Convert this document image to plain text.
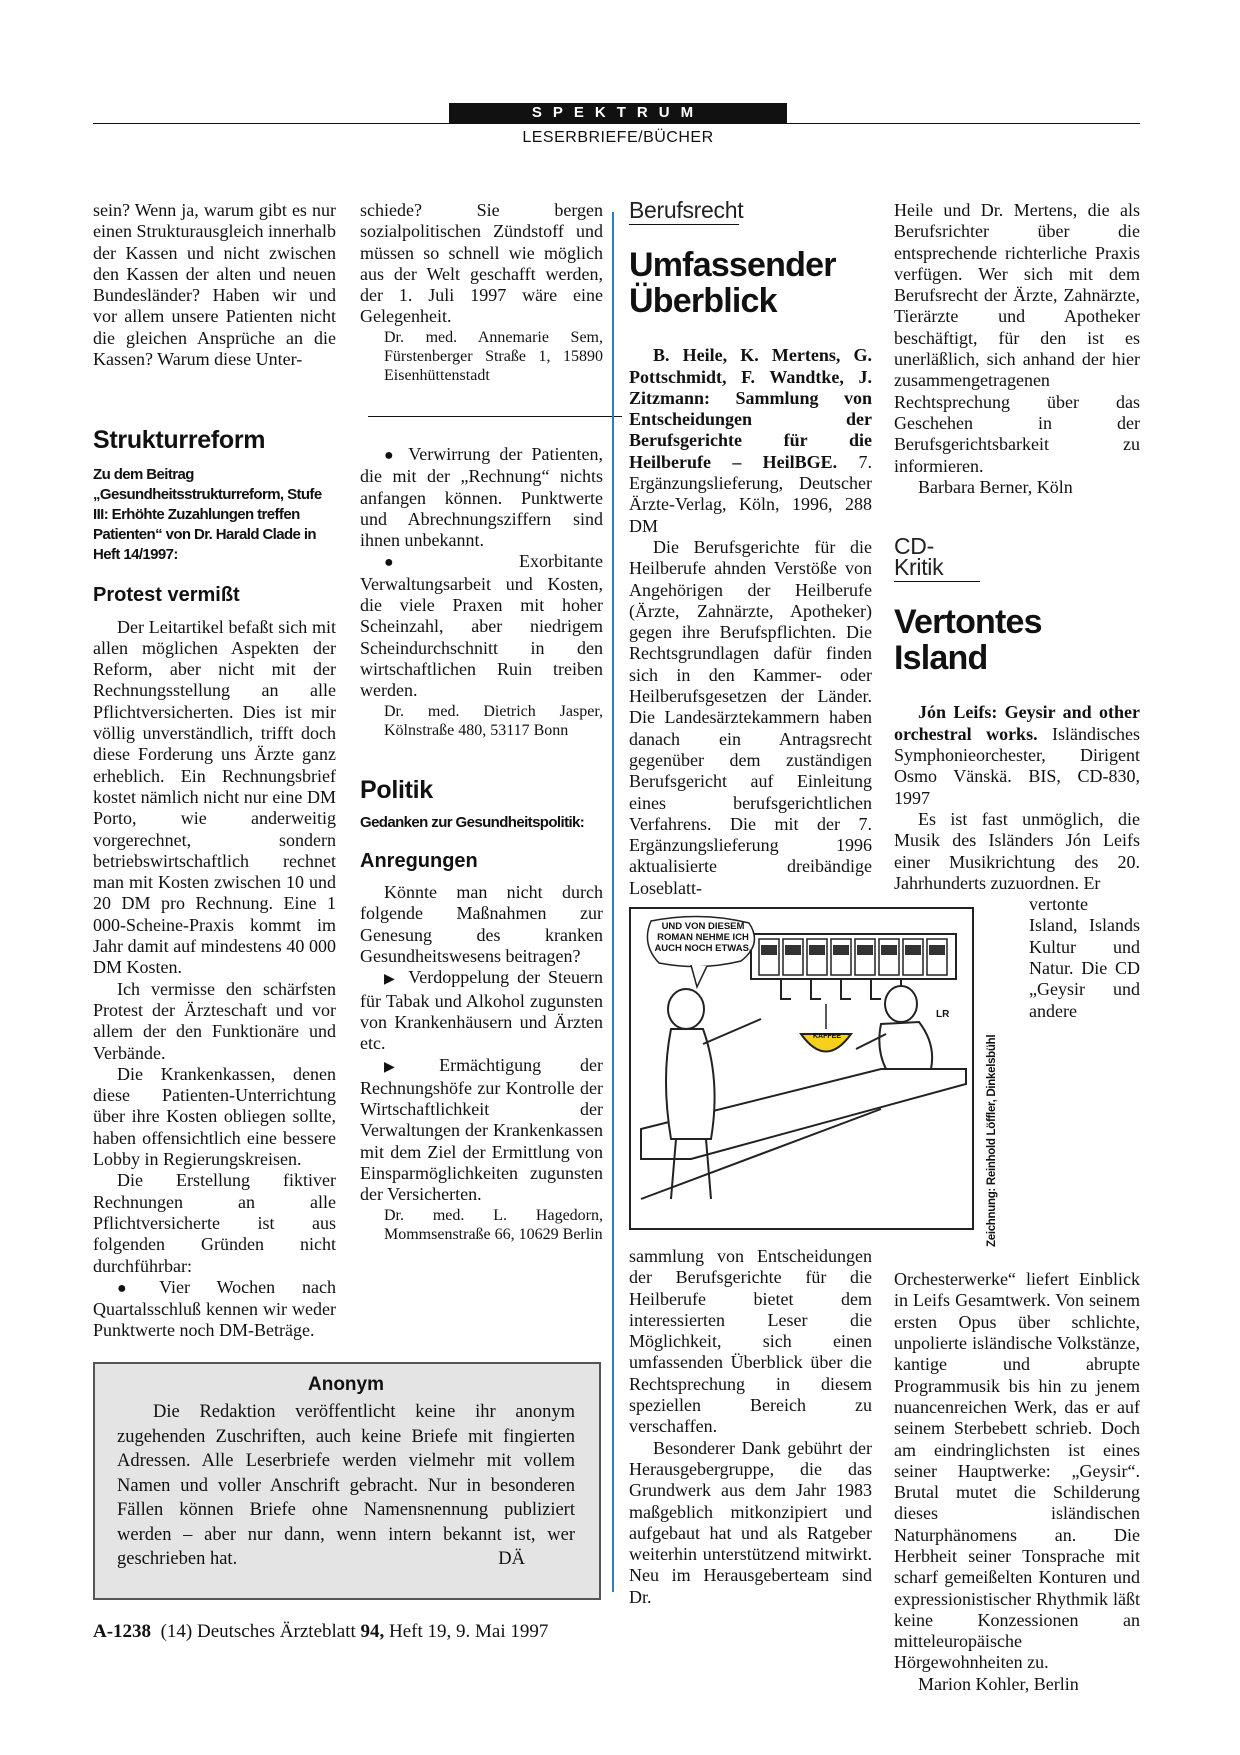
SPEKTRUM
LESERBRIEFE/BÜCHER

sein? Wenn ja, warum gibt es nur einen Strukturausgleich innerhalb der Kassen und nicht zwischen den Kassen der alten und neuen Bundesländer? Haben wir und vor allem unsere Patienten nicht die gleichen Ansprüche an die Kassen? Warum diese Unter-

schiede? Sie bergen sozialpolitischen Zündstoff und müssen so schnell wie möglich aus der Welt geschafft werden, der 1. Juli 1997 wäre eine Gelegenheit.

Dr. med. Annemarie Sem, Fürstenberger Straße 1, 15890 Eisenhüttenstadt

Strukturreform
Zu dem Beitrag „Gesundheitsstrukturreform, Stufe III: Erhöhte Zuzahlungen treffen Patienten“ von Dr. Harald Clade in Heft 14/1997:
Protest vermißt

Der Leitartikel befaßt sich mit allen möglichen Aspekten der Reform, aber nicht mit der Rechnungsstellung an alle Pflichtversicherten. Dies ist mir völlig unverständlich, trifft doch diese Forderung uns Ärzte ganz erheblich. Ein Rechnungsbrief kostet nämlich nicht nur eine DM Porto, wie anderweitig vorgerechnet, sondern betriebswirtschaftlich rechnet man mit Kosten zwischen 10 und 20 DM pro Rechnung. Eine 1 000-Scheine-Praxis kommt im Jahr damit auf mindestens 40 000 DM Kosten.

Ich vermisse den schärfsten Protest der Ärzteschaft und vor allem der den Funktionäre und Verbände.

Die Krankenkassen, denen diese Patienten-Unterrichtung über ihre Kosten obliegen sollte, haben offensichtlich eine bessere Lobby in Regierungskreisen.

Die Erstellung fiktiver Rechnungen an alle Pflichtversicherte ist aus folgenden Gründen nicht durchführbar:

● Vier Wochen nach Quartalsschluß kennen wir weder Punktwerte noch DM-Beträge.

● Verwirrung der Patienten, die mit der „Rechnung“ nichts anfangen können. Punktwerte und Abrechnungsziffern sind ihnen unbekannt.

● Exorbitante Verwaltungsarbeit und Kosten, die viele Praxen mit hoher Scheinzahl, aber niedrigem Scheindurchschnitt in den wirtschaftlichen Ruin treiben werden.

Dr. med. Dietrich Jasper, Kölnstraße 480, 53117 Bonn

Politik
Gedanken zur Gesundheitspolitik:
Anregungen

Könnte man nicht durch folgende Maßnahmen zur Genesung des kranken Gesundheitswesens beitragen?

▶ Verdoppelung der Steuern für Tabak und Alkohol zugunsten von Krankenhäusern und Ärzten etc.

▶ Ermächtigung der Rechnungshöfe zur Kontrolle der Wirtschaftlichkeit der Verwaltungen der Krankenkassen mit dem Ziel der Ermittlung von Einsparmöglichkeiten zugunsten der Versicherten.

Dr. med. L. Hagedorn, Mommsenstraße 66, 10629 Berlin

Anonym
Die Redaktion veröffentlicht keine ihr anonym zugehenden Zuschriften, auch keine Briefe mit fingierten Adressen. Alle Leserbriefe werden vielmehr mit vollem Namen und voller Anschrift gebracht. Nur in besonderen Fällen können Briefe ohne Namensnennung publiziert werden – aber nur dann, wenn intern bekannt ist, wer geschrieben hat.	DÄ
Berufsrecht
Umfassender
Überblick

B. Heile, K. Mertens, G. Pottschmidt, F. Wandtke, J. Zitzmann: Sammlung von Entscheidungen der Berufsgerichte für die Heilberufe – HeilBGE. 7. Ergänzungslieferung, Deutscher Ärzte-Verlag, Köln, 1996, 288 DM

Die Berufsgerichte für die Heilberufe ahnden Verstöße von Angehörigen der Heilberufe (Ärzte, Zahnärzte, Apotheker) gegen ihre Berufspflichten. Die Rechtsgrundlagen dafür finden sich in den Kammer- oder Heilberufsgesetzen der Länder. Die Landesärztekammern haben danach ein Antragsrecht gegenüber dem zuständigen Berufsgericht auf Einleitung eines berufsgerichtlichen Verfahrens. Die mit der 7. Ergänzungslieferung 1996 aktualisierte dreibändige Loseblatt-

UND VON DIESEM ROMAN NEHME ICH AUCH NOCH ETWAS.
KAFFEE
LR
Zeichnung: Reinhold Löffler, Dinkelsbühl

sammlung von Entscheidungen der Berufsgerichte für die Heilberufe bietet dem interessierten Leser die Möglichkeit, sich einen umfassenden Überblick über die Rechtsprechung in diesem speziellen Bereich zu verschaffen.

Besonderer Dank gebührt der Herausgebergruppe, die das Grundwerk aus dem Jahr 1983 maßgeblich mitkonzipiert und aufgebaut hat und als Ratgeber weiterhin unterstützend mitwirkt. Neu im Herausgeberteam sind Dr.

Heile und Dr. Mertens, die als Berufsrichter über die entsprechende richterliche Praxis verfügen. Wer sich mit dem Berufsrecht der Ärzte, Zahnärzte, Tierärzte und Apotheker beschäftigt, für den ist es unerläßlich, sich anhand der hier zusammengetragenen Rechtsprechung über das Geschehen in der Berufsgerichtsbarkeit zu informieren.

Barbara Berner, Köln

CD-Kritik
Vertontes
Island

Jón Leifs: Geysir and other orchestral works. Isländisches Symphonieorchester, Dirigent Osmo Vänskä. BIS, CD-830, 1997

Es ist fast unmöglich, die Musik des Isländers Jón Leifs einer Musikrichtung des 20. Jahrhunderts zuzuordnen. Er

vertonte Island, Islands Kultur und Natur. Die CD „Geysir und andere Orchesterwerke“ liefert Einblick in Leifs Gesamtwerk. Von seinem ersten Opus über schlichte, unpolierte isländische Volkstänze, kantige und abrupte Programmusik bis hin zu jenem nuancenreichen Werk, das er auf seinem Sterbebett schrieb. Doch am eindringlichsten ist eines seiner Hauptwerke: „Geysir“. Brutal mutet die Schilderung dieses isländischen Naturphänomens an. Die Herbheit seiner Tonsprache mit scharf gemeißelten Konturen und expressionistischer Rhythmik läßt keine Konzessionen an mitteleuropäische Hörgewohnheiten zu.

Marion Kohler, Berlin

A-1238 (14) Deutsches Ärzteblatt 94, Heft 19, 9. Mai 1997
